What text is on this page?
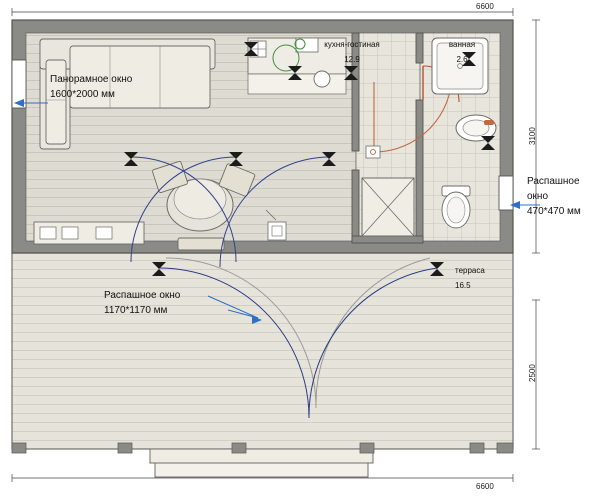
6600
6600
3100
2500
кухня-гостиная
12.9
ванная
2.6
терраса
16.5
Панорамное окно
1600*2000 мм
Распашное окно
1170*1170 мм
Распашное
окно
470*470 мм
